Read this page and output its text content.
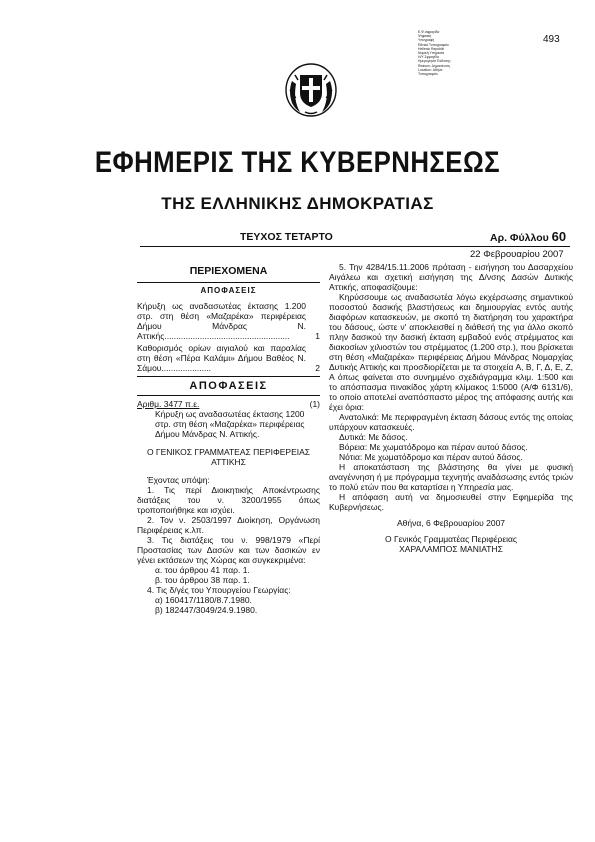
493
Ε.Φ.σφραγίδα
Ψηφιακή
Υπογραφή
Εθνικό Τυπογραφείο
Hellenic Republic
Νομική Υπηρεσία
Η/Υ Σφραγίδα
Ημερομηνία Έκδοσης
Reason: Δημοσίευση
Location: Αθήνα
Τυπογραφείο
ΕΦΗΜΕΡΙΣ ΤΗΣ ΚΥΒΕΡΝΗΣΕΩΣ
ΤΗΣ ΕΛΛΗΝΙΚΗΣ ΔΗΜΟΚΡΑΤΙΑΣ
ΤΕΥΧΟΣ ΤΕΤΑΡΤΟ	Αρ. Φύλλου 60
22 Φεβρουαρίου 2007
ΠΕΡΙΕΧΟΜΕΝΑ
ΑΠΟΦΑΣΕΙΣ
Κήρυξη ως αναδασωτέας έκτασης 1.200 στρ. στη θέση «Μαζαρέκα» περιφέρειας Δήμου Μάνδρας Ν. Αττικής.....................................................	1
Καθορισμός ορίων αιγιαλού και παραλίας στη θέση «Πέρα Καλάμι» Δήμου Βαθέος Ν. Σάμου.....................	2
ΑΠΟΦΑΣΕΙΣ
Αριθμ. 3477 π.ε.	(1)

Κήρυξη ως αναδασωτέας έκτασης 1200 στρ. στη θέση «Μαζαρέκα» περιφέρειας Δήμου Μάνδρας Ν. Αττικής.

Ο ΓΕΝΙΚΟΣ ΓΡΑΜΜΑΤΕΑΣ ΠΕΡΙΦΕΡΕΙΑΣ ΑΤΤΙΚΗΣ

Έχοντας υπόψη:

1. Τις περί Διοικητικής Αποκέντρωσης διατάξεις του ν. 3200/1955 όπως τροποποιήθηκε και ισχύει.

2. Τον ν. 2503/1997 Διοίκηση, Οργάνωση Περιφέρειας κ.λπ.

3. Τις διατάξεις του ν. 998/1979 «Περί Προστασίας των Δασών και των δασικών εν γένει εκτάσεων της Χώρας και συγκεκριμένα:

α. του άρθρου 41 παρ. 1.

β. του άρθρου 38 παρ. 1.

4. Τις δ/γές του Υπουργείου Γεωργίας:

α) 160417/1180/8.7.1980.

β) 182447/3049/24.9.1980.

5. Την 4284/15.11.2006 πρόταση - εισήγηση του Δασαρχείου Αιγάλεω και σχετική εισήγηση της Δ/νσης Δασών Δυτικής Αττικής, αποφασίζουμε:

Κηρύσσουμε ως αναδασωτέα λόγω εκχέρσωσης σημαντικού ποσοστού δασικής βλαστήσεως και δημιουργίας εντός αυτής διαφόρων κατασκευών, με σκοπό τη διατήρηση του χαρακτήρα του δάσους, ώστε ν' αποκλεισθεί η διάθεσή της για άλλο σκοπό πλην δασικού την δασική έκταση εμβαδού ενός στρέμματος και διακοσίων χιλιοστών του στρέμματος (1.200 στρ.), που βρίσκεται στη θέση «Μαζαρέκα» περιφέρειας Δήμου Μάνδρας Νομαρχίας Δυτικής Αττικής και προσδιορίζεται με τα στοιχεία Α, Β, Γ, Δ, Ε, Ζ, Α όπως φαίνεται στο συνημμένο σχεδιάγραμμα κλιμ. 1:500 και το απόσπασμα πινακίδος χάρτη κλίμακος 1:5000 (Α/Φ 6131/6), το οποίο αποτελεί αναπόσπαστο μέρος της απόφασης αυτής και έχει όρια:

Ανατολικά: Με περιφραγμένη έκταση δάσους εντός της οποίας υπάρχουν κατασκευές.

Δυτικά: Με δάσος.

Βόρεια: Με χωματόδρομο και πέραν αυτού δάσος.

Νότια: Με χωματόδρομο και πέραν αυτού δάσος.

Η αποκατάσταση της βλάστησης θα γίνει με φυσική αναγέννηση ή με πρόγραμμα τεχνητής αναδάσωσης εντός τριών το πολύ ετών που θα καταρτίσει η Υπηρεσία μας.

Η απόφαση αυτή να δημοσιευθεί στην Εφημερίδα της Κυβερνήσεως.

Αθήνα, 6 Φεβρουαρίου 2007
Ο Γενικός Γραμματέας Περιφέρειας
ΧΑΡΑΛΑΜΠΟΣ ΜΑΝΙΑΤΗΣ
